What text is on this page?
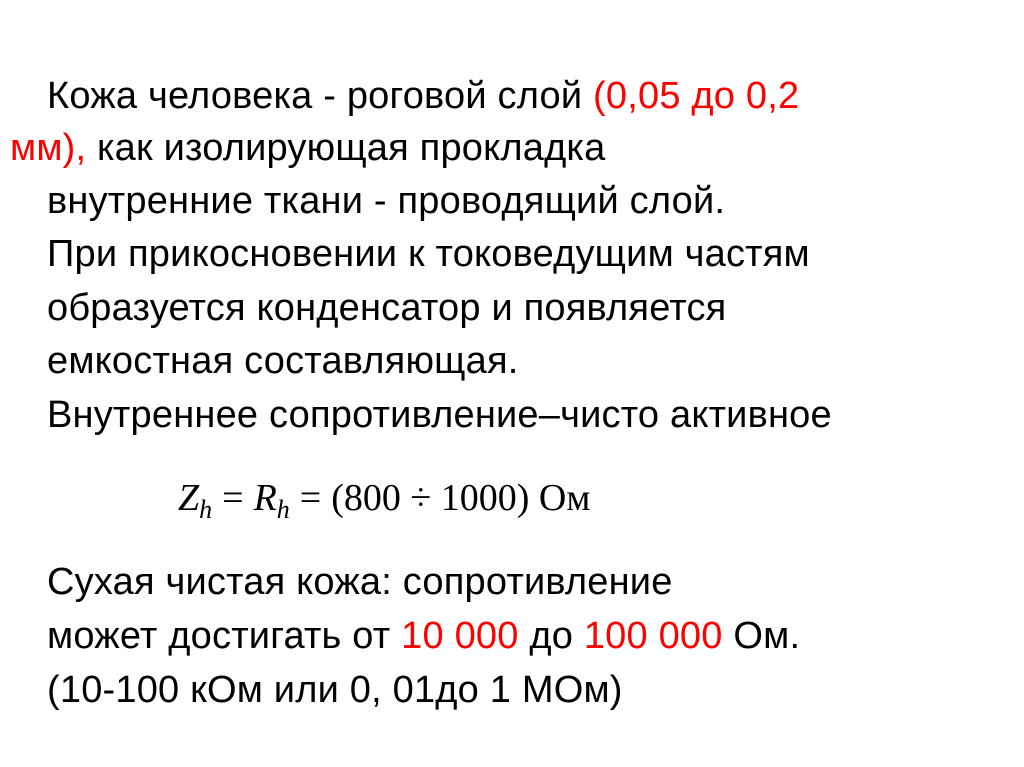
Кожа человека - роговой слой (0,05 до 0,2
мм), как изолирующая прокладка
внутренние ткани - проводящий слой.
При прикосновении к токоведущим частям
образуется конденсатор и появляется
емкостная составляющая.
Внутреннее сопротивление–чисто активное
$Z_h = R_h = (800 \div 1000)$ Ом
Сухая чистая кожа: сопротивление
может достигать от 10 000 до 100 000 Ом.
(10-100 кОм или 0, 01до 1 МОм)
